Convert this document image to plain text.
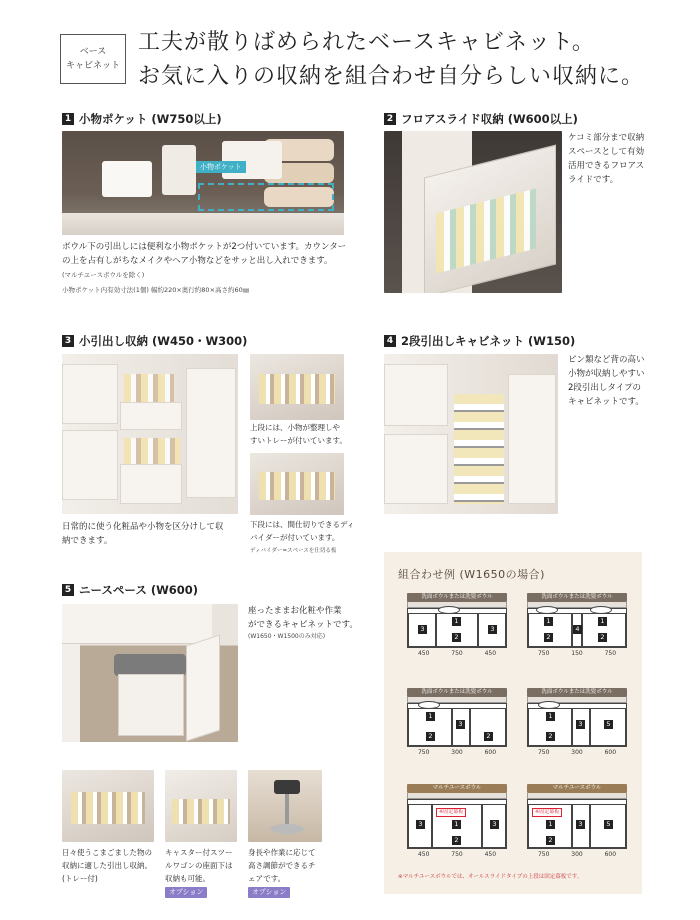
ベース
キャビネット
工夫が散りばめられたベースキャビネット。
お気に入りの収納を組合わせ自分らしい収納に。
1 小物ポケット (W750以上)
小物ポケット
ボウル下の引出しには便利な小物ポケットが2つ付いています。カウンター
の上を占有しがちなメイクやヘア小物などをサッと出し入れできます。
(マルチユースボウルを除く)
小物ポケット内有効寸法(1個) 幅約220×奥行約80×高さ約60㎜
2 フロアスライド収納 (W600以上)
ケコミ部分まで収納
スペースとして有効
活用できるフロアス
ライドです。
3 小引出し収納 (W450・W300)
上段には、小物が整理しや
すいトレーが付いています。
下段には、間仕切りできるディ
バイダーが付いています。
ディバイダー=スペースを仕切る板
日常的に使う化粧品や小物を区分けして収
納できます。
4 2段引出しキャビネット (W150)
ピン類など背の高い
小物が収納しやすい
2段引出しタイプの
キャビネットです。
5 ニースペース (W600)
座ったままお化粧や作業
ができるキャビネットです。
(W1650・W1500のみ対応)
日々使うこまごました物の
収納に適した引出し収納。
(トレー付)
キャスター付スツー
ルワゴンの座面下は
収納も可能。
オプション
身長や作業に応じて
高さ調節ができるチ
ェアです。
オプション
組合わせ例 (W1650の場合)
洗面ボウルまたは洗髪ボウル
3
1
2
3
450	750	450
洗面ボウルまたは洗髪ボウル
1
2
4
1
2
750	150	750
洗面ボウルまたは洗髪ボウル
1
2
3
2
750	300	600
洗面ボウルまたは洗髪ボウル
1
2
3	5
750	300	600
マルチユースボウル
※固定幕板
3	1
2
3
450	750	450
マルチユースボウル
※固定幕板
1
2
3	5
750	300	600
※マルチユースボウルでは、オールスライドタイプの上段は固定幕板です。
